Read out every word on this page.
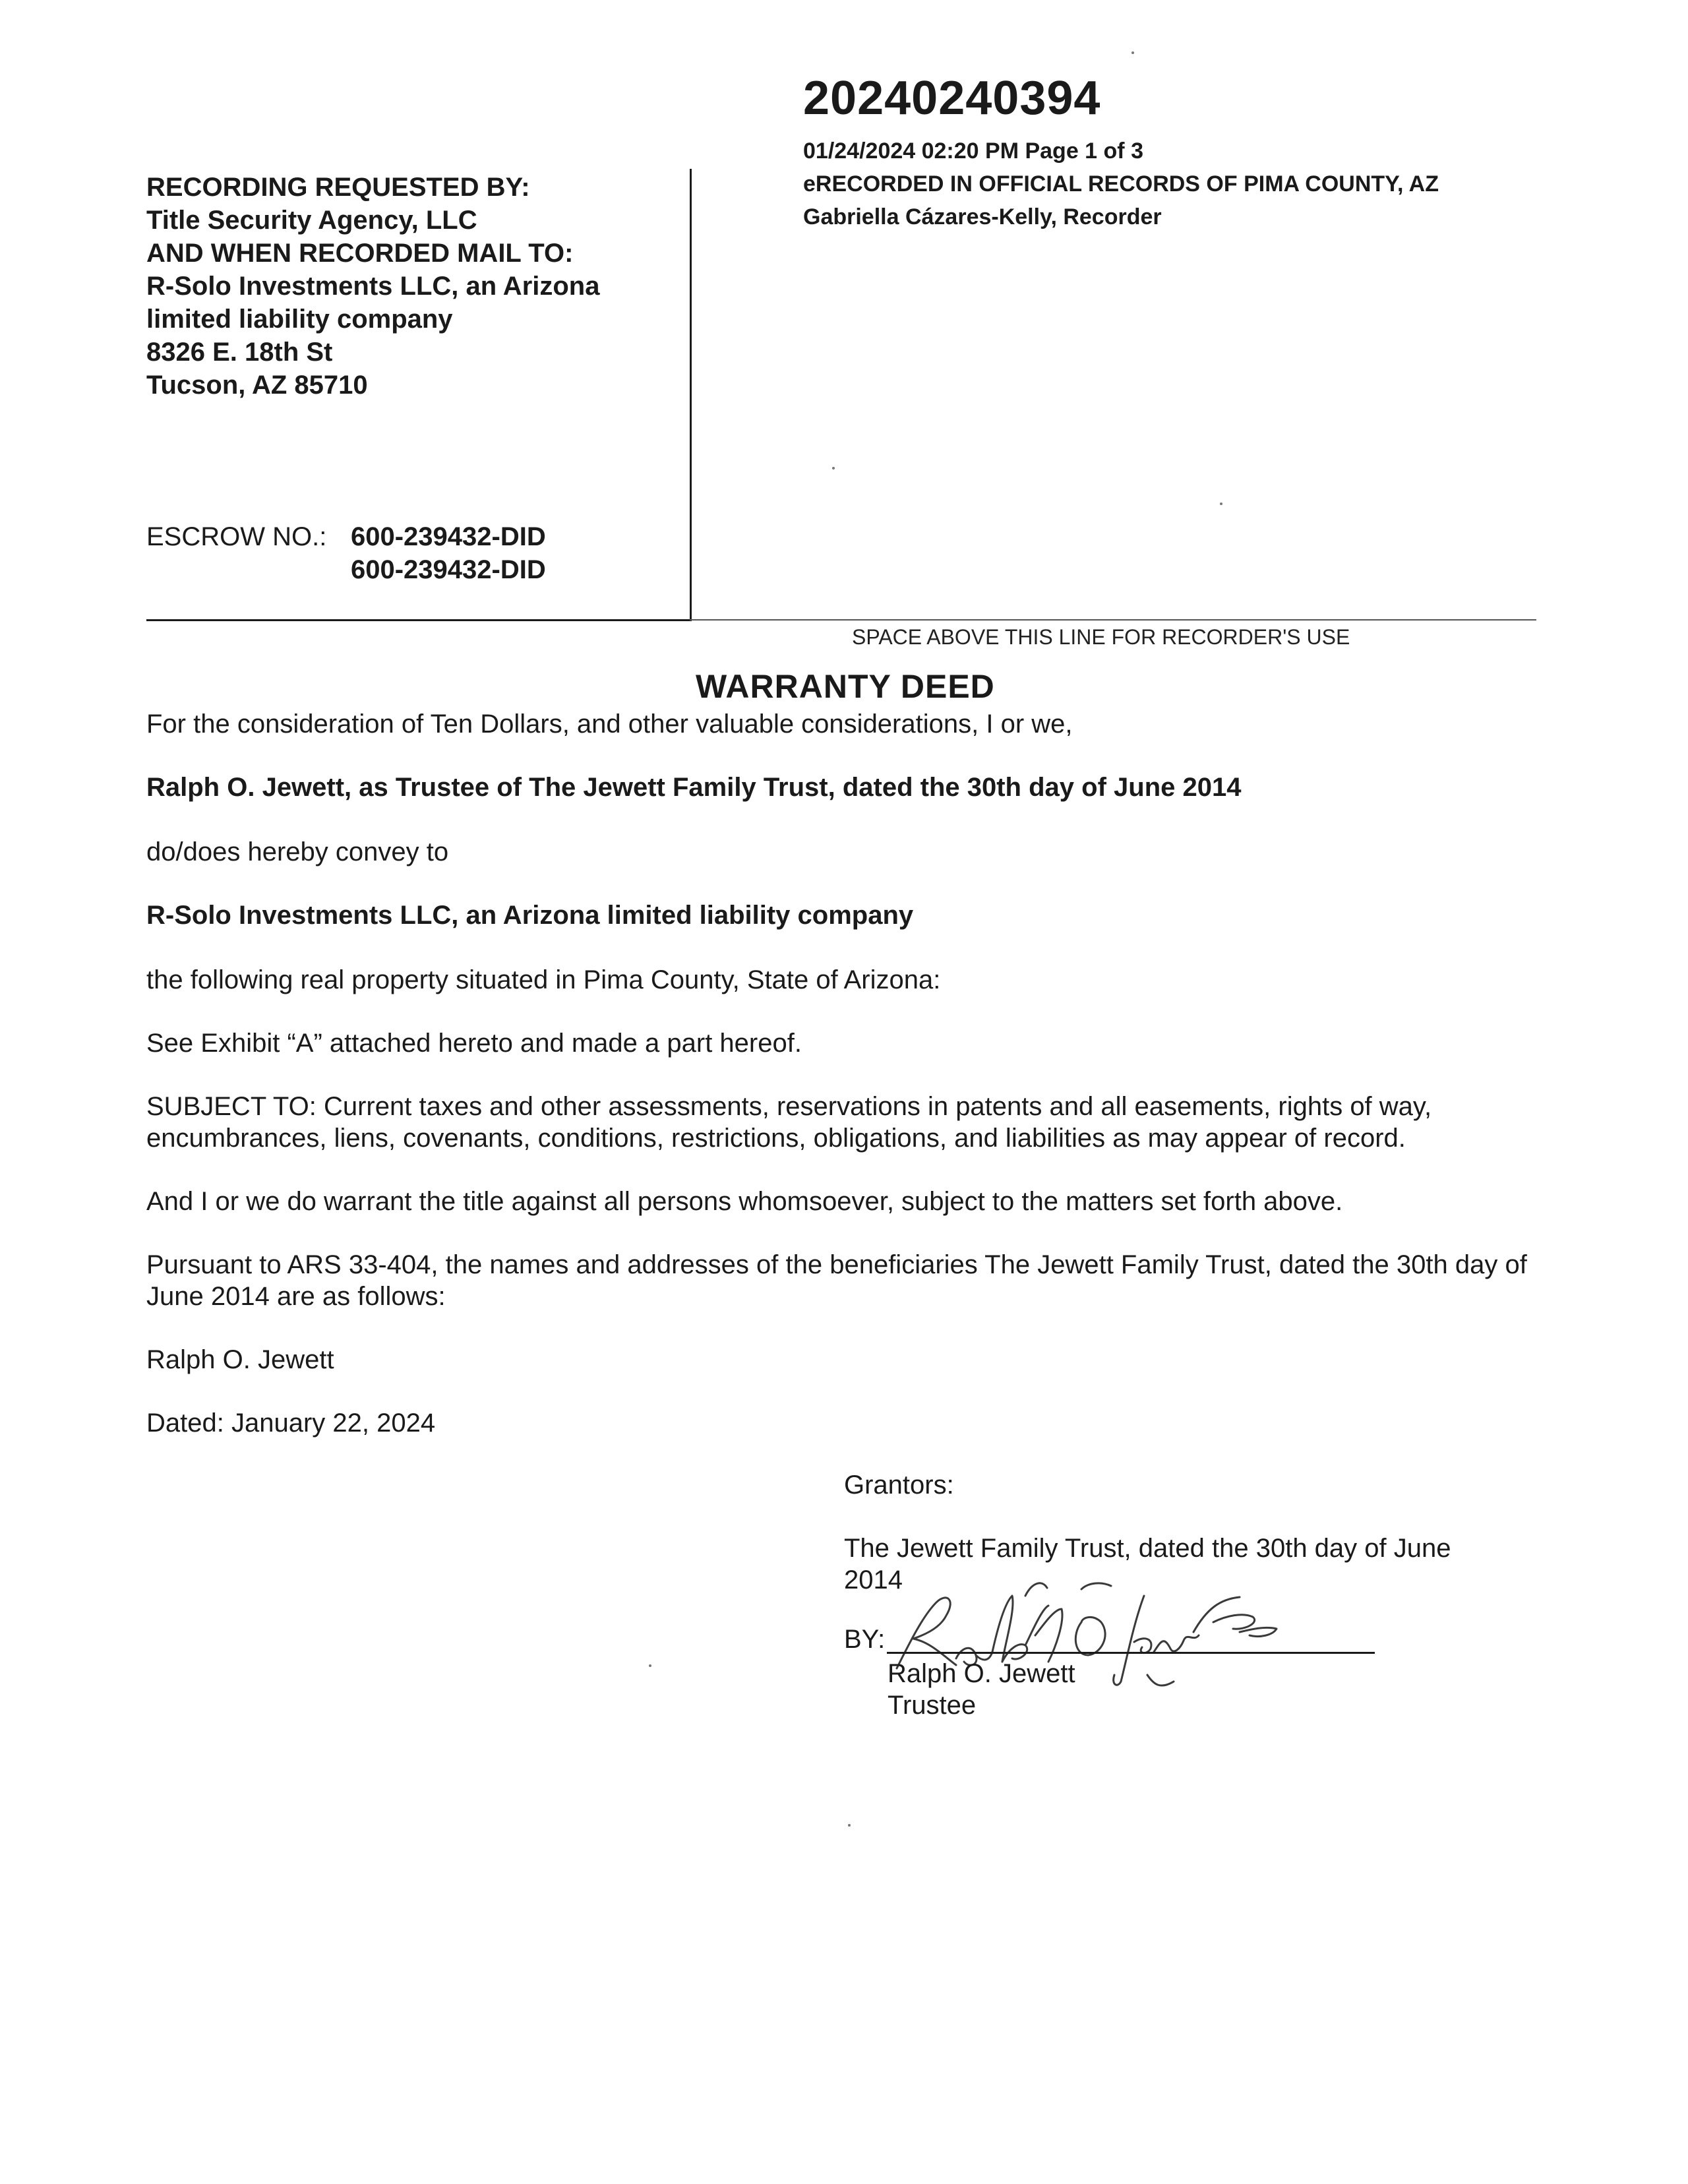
20240240394
01/24/2024 02:20 PM Page 1 of 3
eRECORDED IN OFFICIAL RECORDS OF PIMA COUNTY, AZ
Gabriella Cázares-Kelly, Recorder
RECORDING REQUESTED BY:
Title Security Agency, LLC
AND WHEN RECORDED MAIL TO:
R-Solo Investments LLC, an Arizona
limited liability company
8326 E. 18th St
Tucson, AZ 85710
ESCROW NO.: 600-239432-DID
600-239432-DID
SPACE ABOVE THIS LINE FOR RECORDER'S USE
WARRANTY DEED
For the consideration of Ten Dollars, and other valuable considerations, I or we,
Ralph O. Jewett, as Trustee of The Jewett Family Trust, dated the 30th day of June 2014
do/does hereby convey to
R-Solo Investments LLC, an Arizona limited liability company
the following real property situated in Pima County, State of Arizona:
See Exhibit “A” attached hereto and made a part hereof.
SUBJECT TO: Current taxes and other assessments, reservations in patents and all easements, rights of way, encumbrances, liens, covenants, conditions, restrictions, obligations, and liabilities as may appear of record.
And I or we do warrant the title against all persons whomsoever, subject to the matters set forth above.
Pursuant to ARS 33-404, the names and addresses of the beneficiaries The Jewett Family Trust, dated the 30th day of June 2014 are as follows:
Ralph O. Jewett
Dated: January 22, 2024
Grantors:
The Jewett Family Trust, dated the 30th day of June 2014
BY:
Ralph O. Jewett
Trustee
